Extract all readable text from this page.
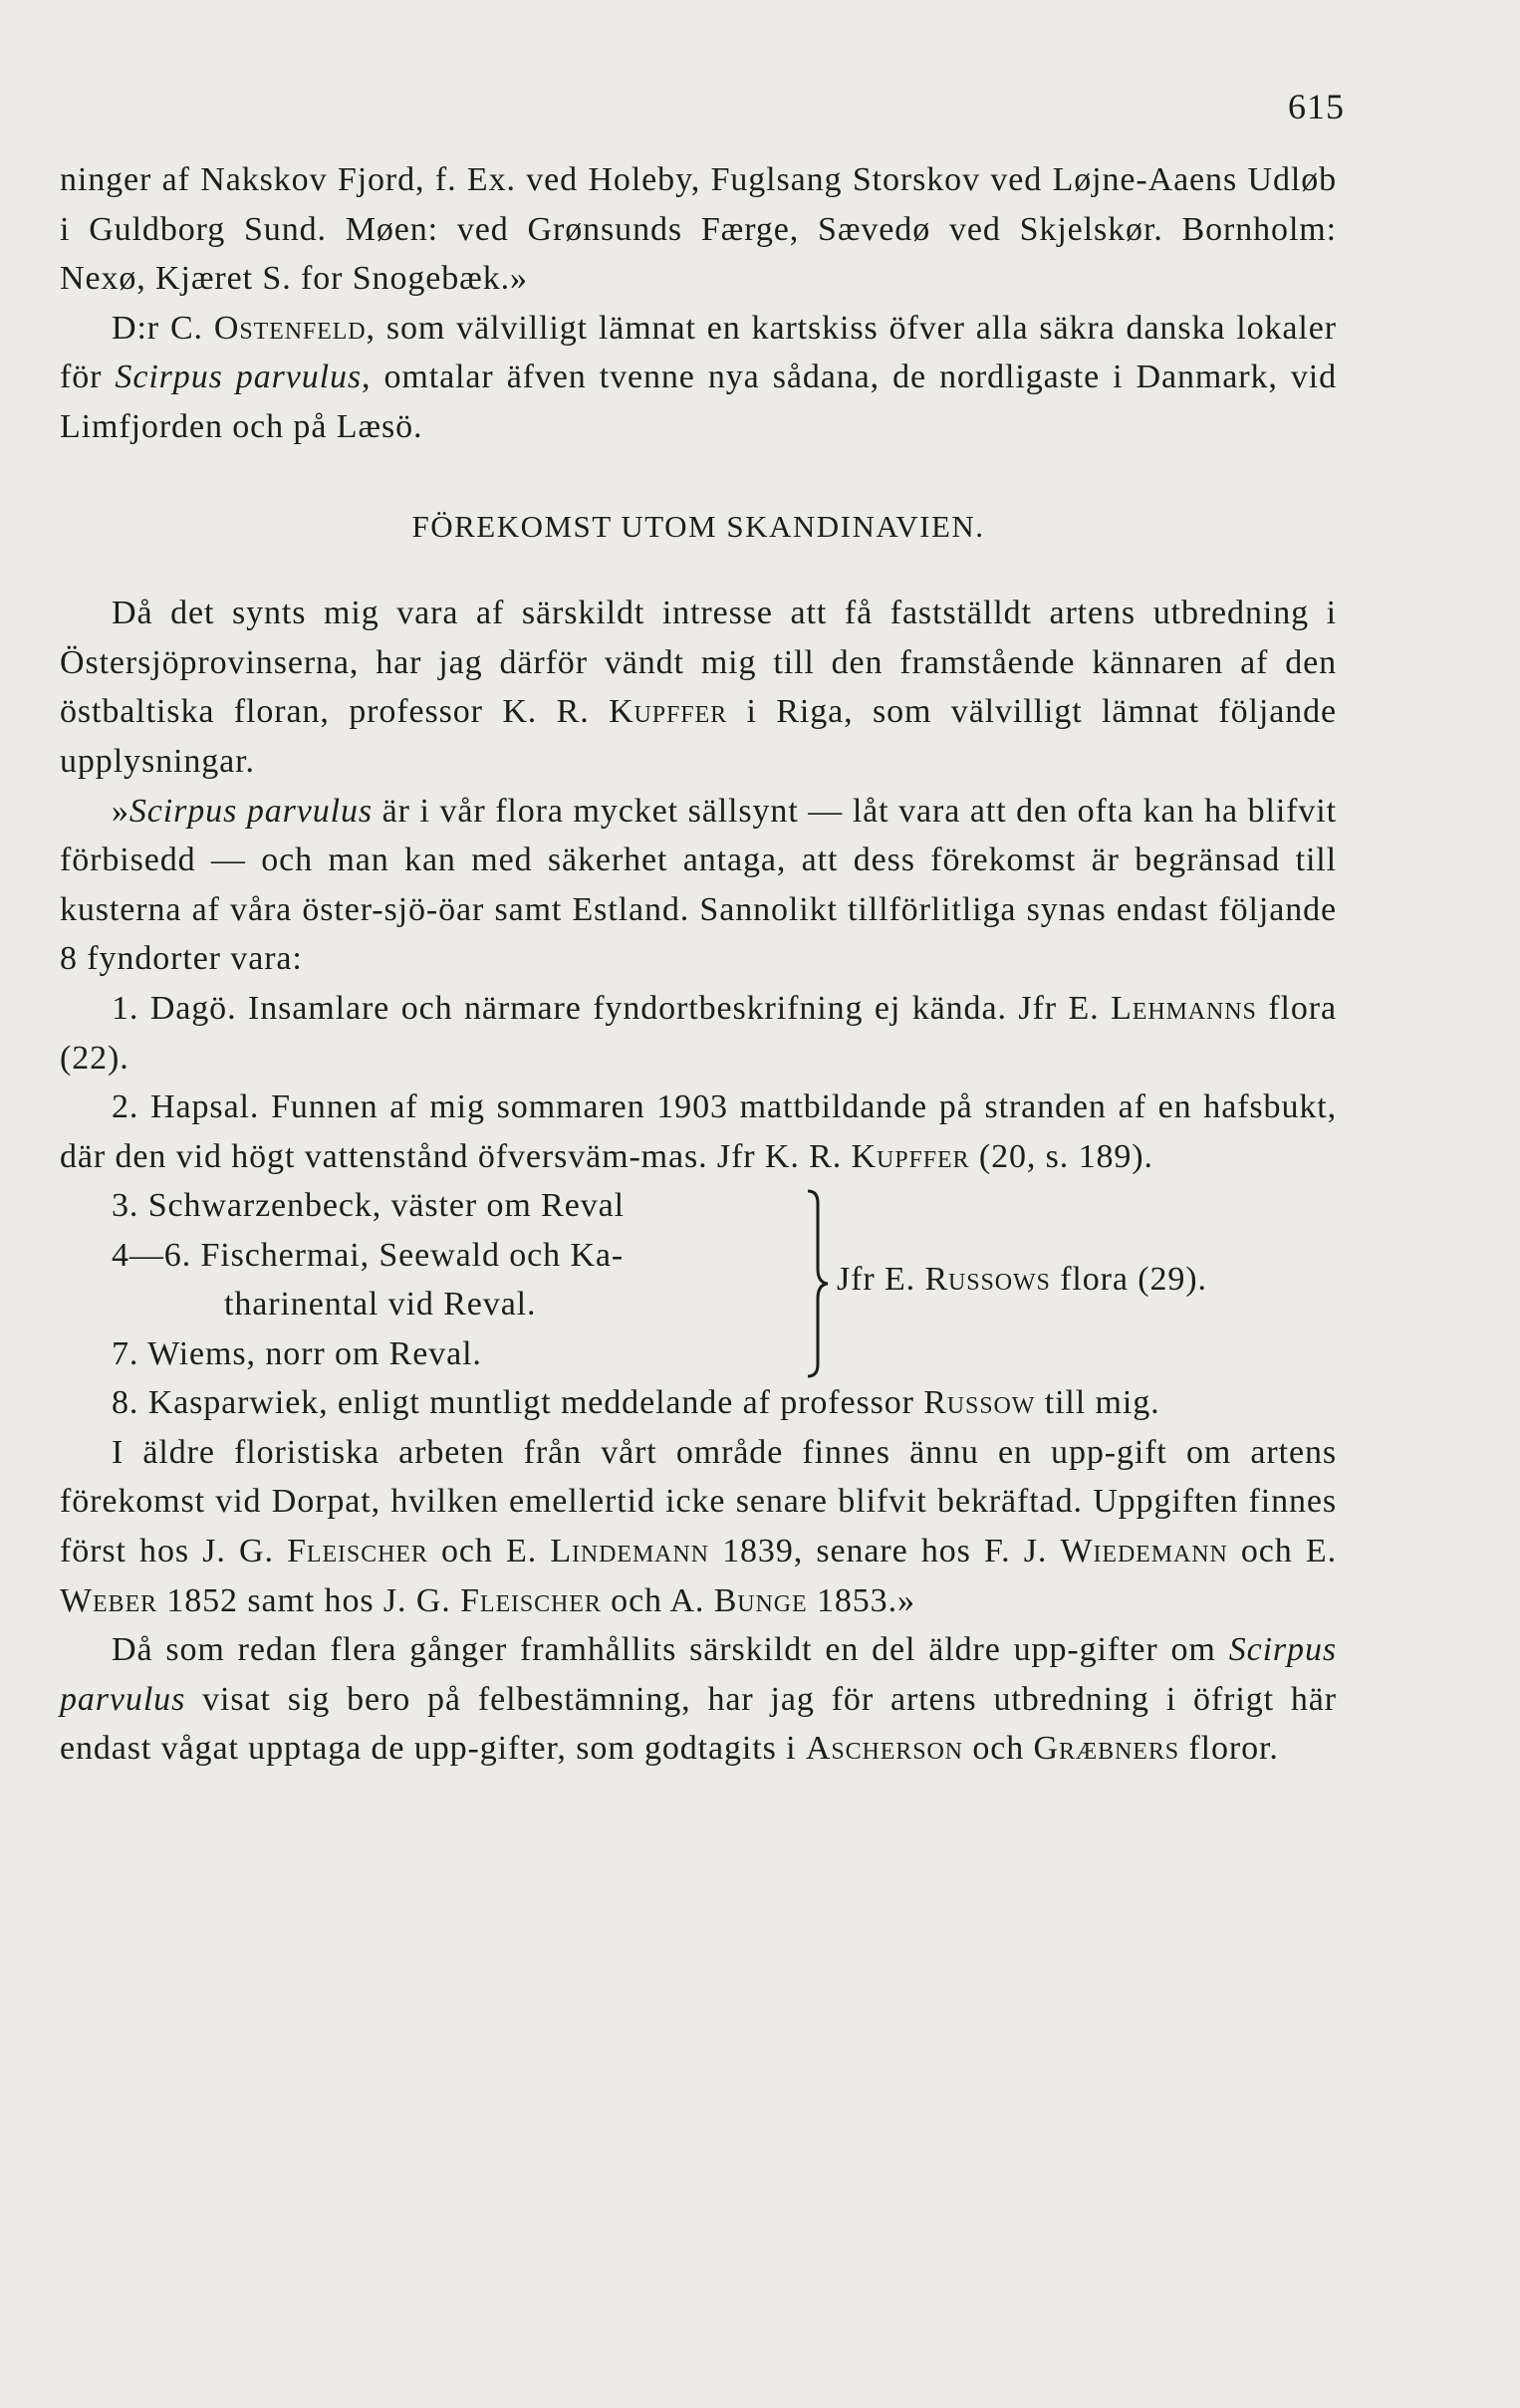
615

ninger af Nakskov Fjord, f. Ex. ved Holeby, Fuglsang Storskov ved Løjne-Aaens Udløb i Guldborg Sund. Møen: ved Grønsunds Færge, Sævedø ved Skjelskør. Bornholm: Nexø, Kjæret S. for Snogebæk.»

D:r C. Ostenfeld, som välvilligt lämnat en kartskiss öfver alla säkra danska lokaler för Scirpus parvulus, omtalar äfven tvenne nya sådana, de nordligaste i Danmark, vid Limfjorden och på Læsö.

FÖREKOMST UTOM SKANDINAVIEN.

Då det synts mig vara af särskildt intresse att få fastställdt artens utbredning i Östersjöprovinserna, har jag därför vändt mig till den framstående kännaren af den östbaltiska floran, professor K. R. Kupffer i Riga, som välvilligt lämnat följande upplysningar.

»Scirpus parvulus är i vår flora mycket sällsynt — låt vara att den ofta kan ha blifvit förbisedd — och man kan med säkerhet antaga, att dess förekomst är begränsad till kusterna af våra öster-sjö-öar samt Estland. Sannolikt tillförlitliga synas endast följande 8 fyndorter vara:

1. Dagö. Insamlare och närmare fyndortbeskrifning ej kända. Jfr E. Lehmanns flora (22).

2. Hapsal. Funnen af mig sommaren 1903 mattbildande på stranden af en hafsbukt, där den vid högt vattenstånd öfversväm-mas. Jfr K. R. Kupffer (20, s. 189).

3. Schwarzenbeck, väster om Reval
4—6. Fischermai, Seewald och Ka-
tharinental vid Reval.
7. Wiems, norr om Reval.
Jfr E. Russows flora (29).

8. Kasparwiek, enligt muntligt meddelande af professor Russow till mig.

I äldre floristiska arbeten från vårt område finnes ännu en upp-gift om artens förekomst vid Dorpat, hvilken emellertid icke senare blifvit bekräftad. Uppgiften finnes först hos J. G. Fleischer och E. Lindemann 1839, senare hos F. J. Wiedemann och E. Weber 1852 samt hos J. G. Fleischer och A. Bunge 1853.»

Då som redan flera gånger framhållits särskildt en del äldre upp-gifter om Scirpus parvulus visat sig bero på felbestämning, har jag för artens utbredning i öfrigt här endast vågat upptaga de upp-gifter, som godtagits i Ascherson och Græbners floror.
